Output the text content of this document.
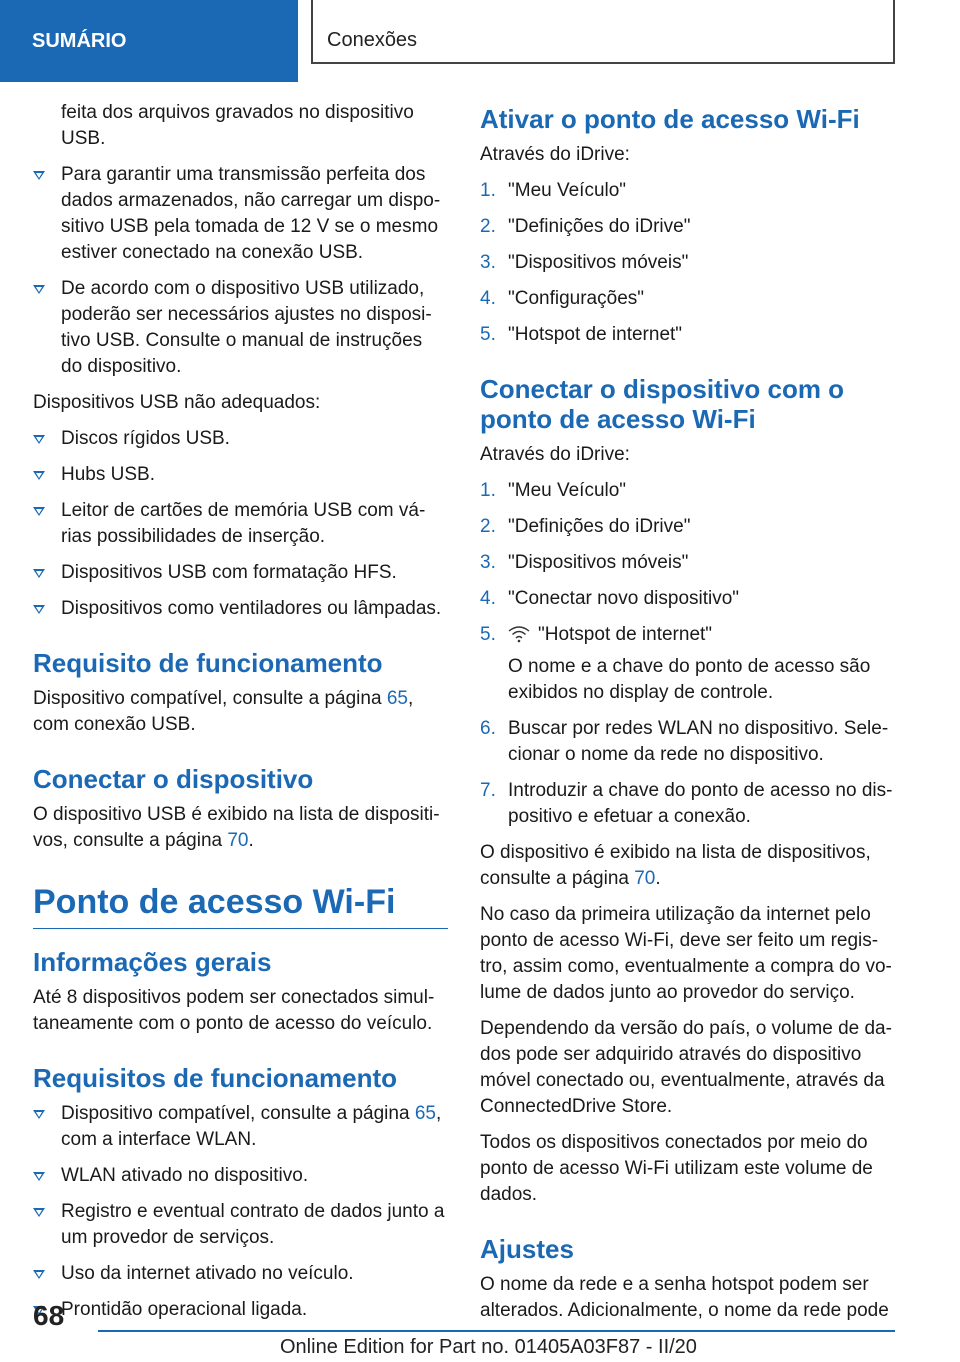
SUMÁRIO	Conexões

feita dos arquivos gravados no dispositivo USB.

Para garantir uma transmissão perfeita dos dados armazenados, não carregar um dispositivo USB pela tomada de 12 V se o mesmo estiver conectado na conexão USB.
De acordo com o dispositivo USB utilizado, poderão ser necessários ajustes no dispositivo USB. Consulte o manual de instruções do dispositivo.

Dispositivos USB não adequados:

Discos rígidos USB.
Hubs USB.
Leitor de cartões de memória USB com várias possibilidades de inserção.
Dispositivos USB com formatação HFS.
Dispositivos como ventiladores ou lâmpadas.
Requisito de funcionamento

Dispositivo compatível, consulte a página 65, com conexão USB.

Conectar o dispositivo

O dispositivo USB é exibido na lista de dispositivos, consulte a página 70.

Ponto de acesso Wi-Fi
Informações gerais

Até 8 dispositivos podem ser conectados simultaneamente com o ponto de acesso do veículo.

Requisitos de funcionamento
Dispositivo compatível, consulte a página 65, com a interface WLAN.
WLAN ativado no dispositivo.
Registro e eventual contrato de dados junto a um provedor de serviços.
Uso da internet ativado no veículo.
Prontidão operacional ligada.
Ativar o ponto de acesso Wi-Fi

Através do iDrive:

1. "Meu Veículo"
2. "Definições do iDrive"
3. "Dispositivos móveis"
4. "Configurações"
5. "Hotspot de internet"
Conectar o dispositivo com o ponto de acesso Wi-Fi

Através do iDrive:

1. "Meu Veículo"
2. "Definições do iDrive"
3. "Dispositivos móveis"
4. "Conectar novo dispositivo"
5. "Hotspot de internet"
O nome e a chave do ponto de acesso são exibidos no display de controle.
6. Buscar por redes WLAN no dispositivo. Selecionar o nome da rede no dispositivo.
7. Introduzir a chave do ponto de acesso no dispositivo e efetuar a conexão.

O dispositivo é exibido na lista de dispositivos, consulte a página 70.

No caso da primeira utilização da internet pelo ponto de acesso Wi-Fi, deve ser feito um registro, assim como, eventualmente a compra do volume de dados junto ao provedor do serviço.

Dependendo da versão do país, o volume de dados pode ser adquirido através do dispositivo móvel conectado ou, eventualmente, através da ConnectedDrive Store.

Todos os dispositivos conectados por meio do ponto de acesso Wi-Fi utilizam este volume de dados.

Ajustes

O nome da rede e a senha hotspot podem ser alterados. Adicionalmente, o nome da rede pode

68
Online Edition for Part no. 01405A03F87 - II/20
